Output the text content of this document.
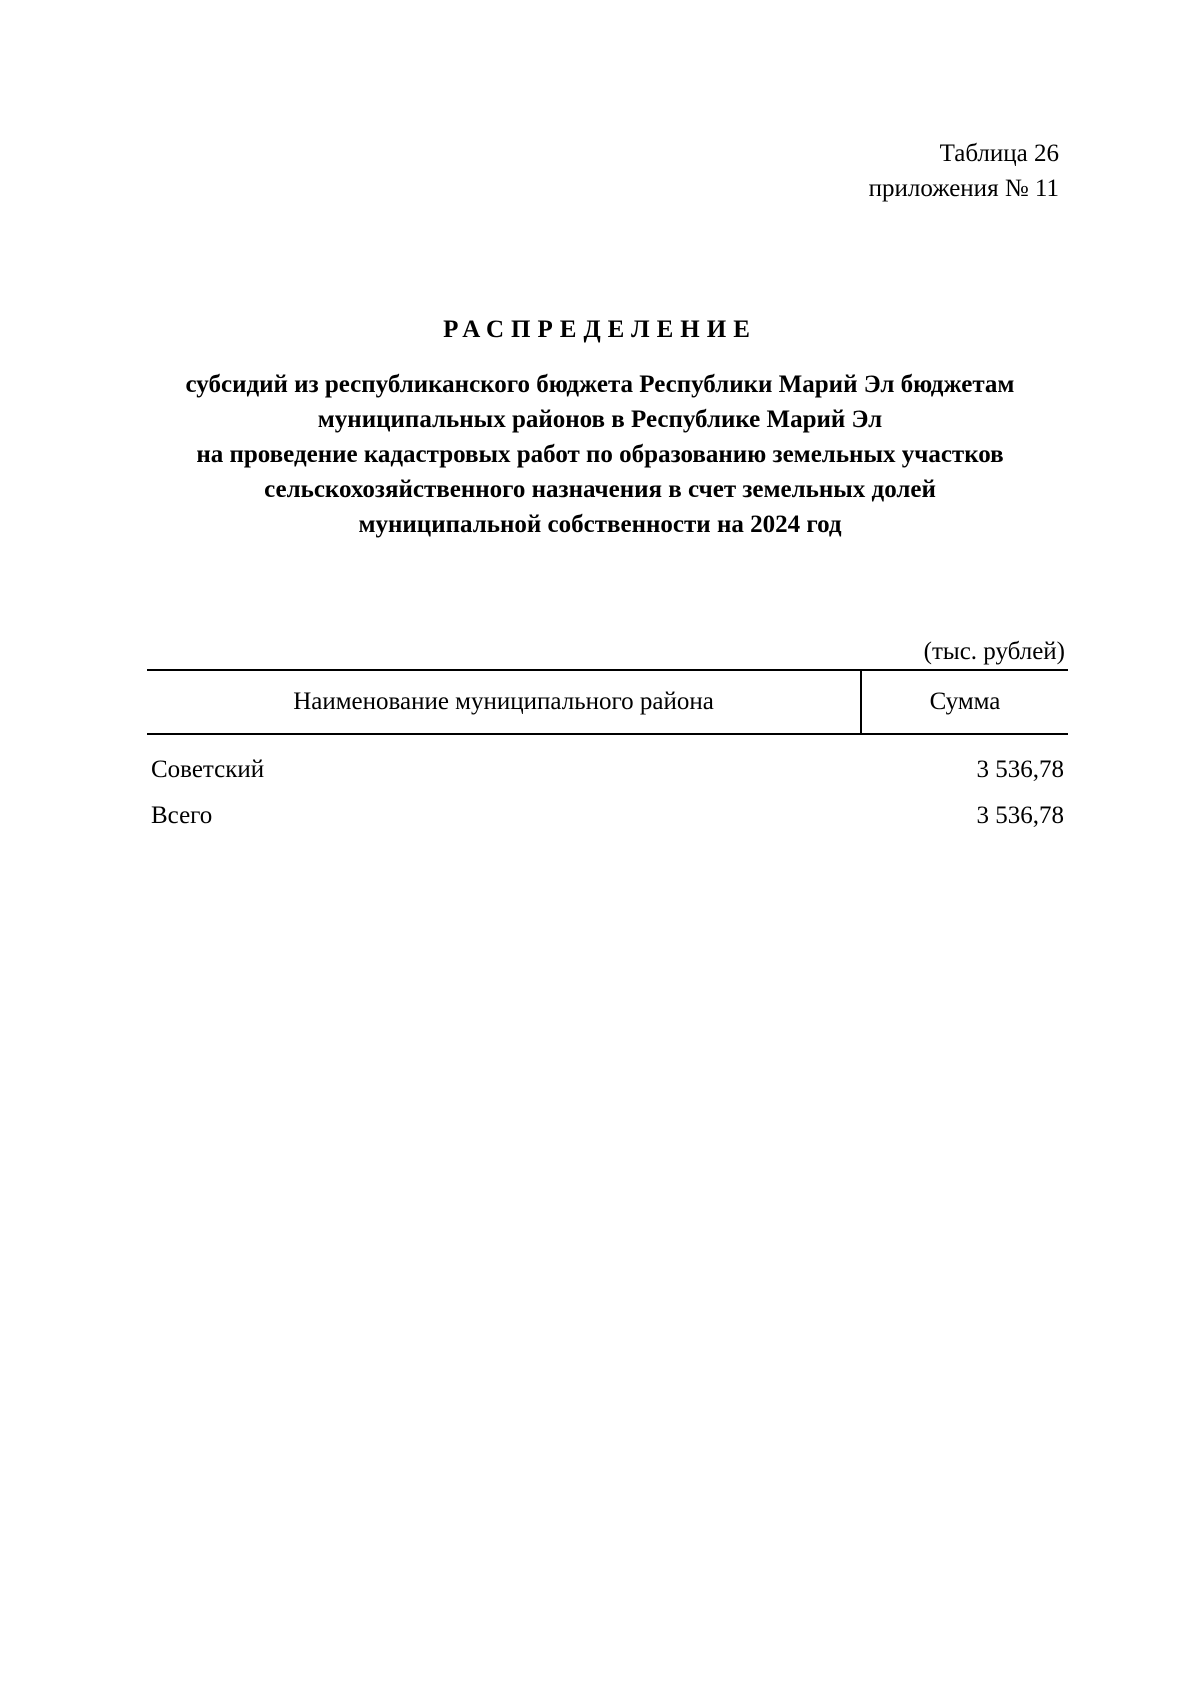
Таблица 26
приложения № 11
РАСПРЕДЕЛЕНИЕ
субсидий из республиканского бюджета Республики Марий Эл бюджетам
муниципальных районов в Республике Марий Эл
на проведение кадастровых работ по образованию земельных участков
сельскохозяйственного назначения в счет земельных долей
муниципальной собственности на 2024 год
(тыс. рублей)
Наименование муниципального района	Сумма
Советский	3 536,78
Всего	3 536,78
